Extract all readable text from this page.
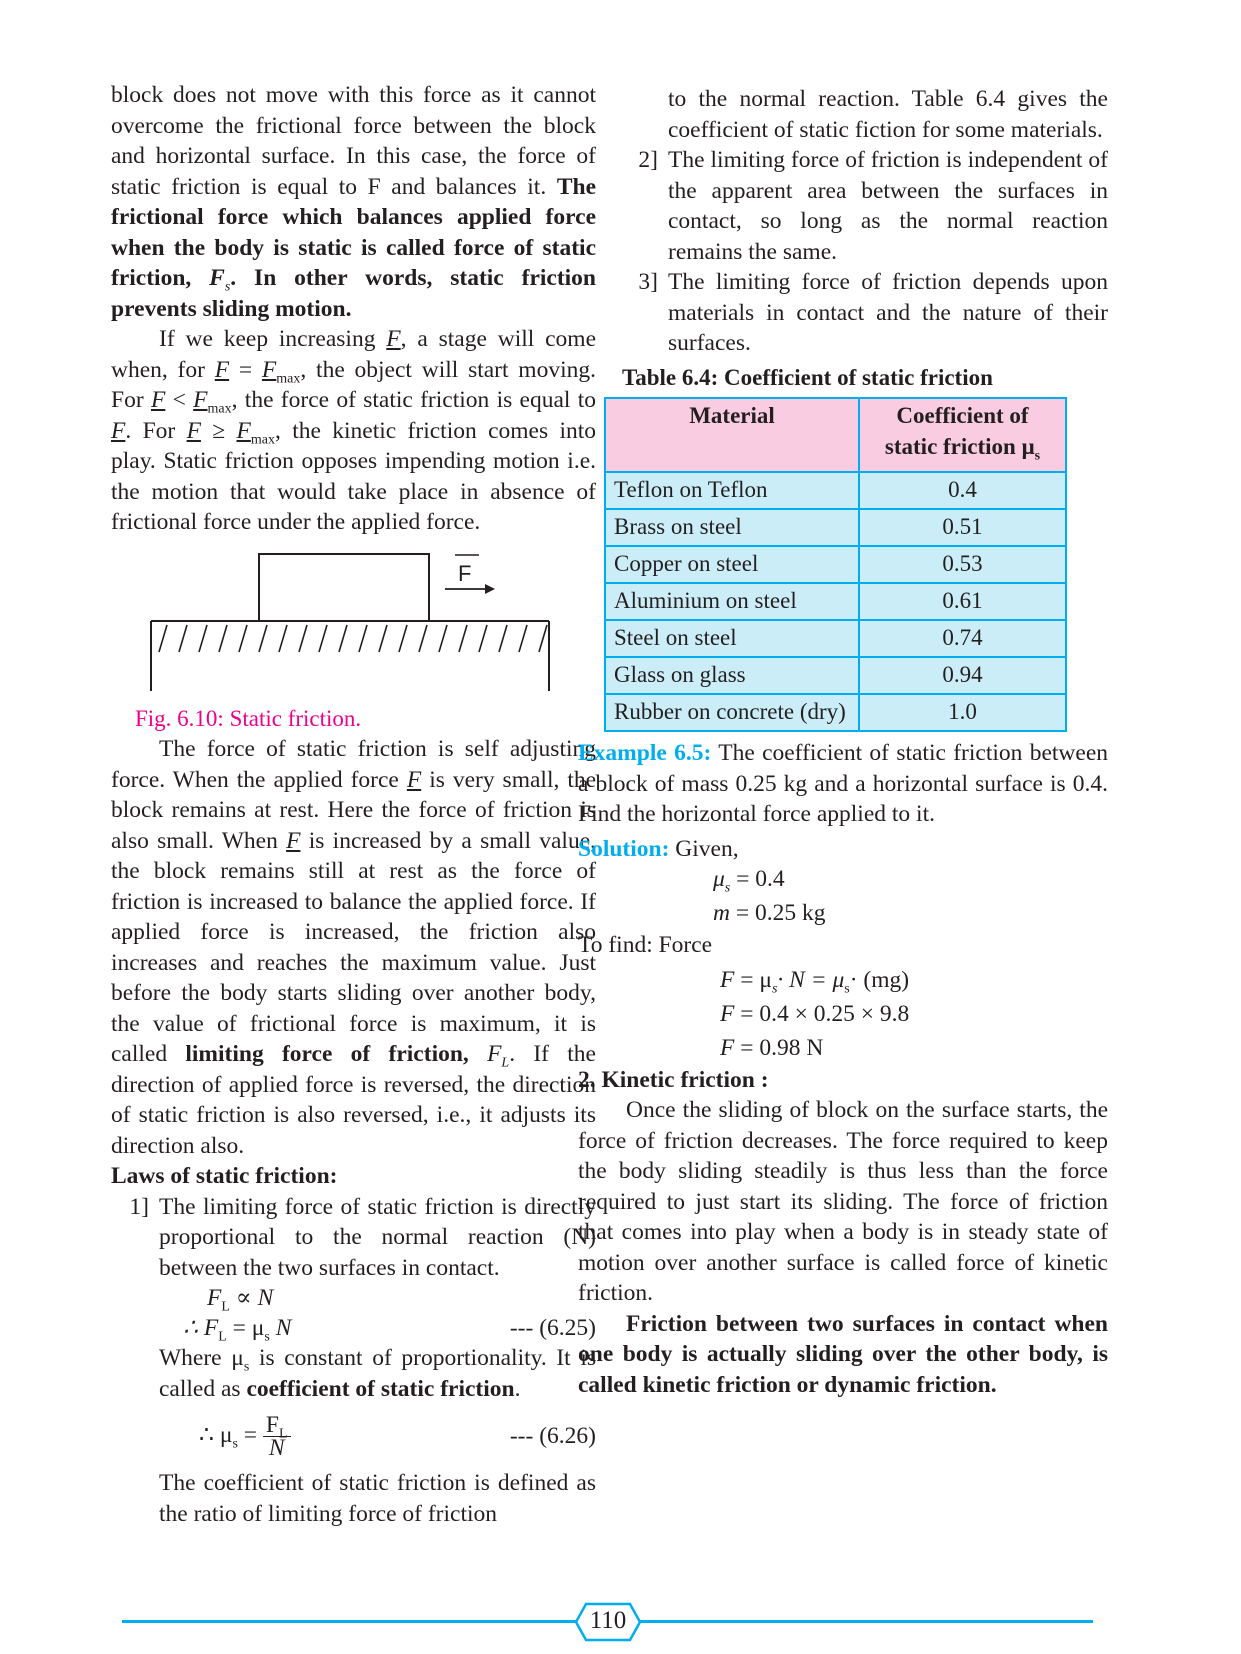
block does not move with this force as it cannot overcome the frictional force between the block and horizontal surface. In this case, the force of static friction is equal to F and balances it. The frictional force which balances applied force when the body is static is called force of static friction, $F_s$. In other words, static friction prevents sliding motion.

If we keep increasing F, a stage will come when, for $F = F_{max}$, the object will start moving. For $F < F_{max}$, the force of static friction is equal to F. For $F \ge F_{max}$, the kinetic friction comes into play. Static friction opposes impending motion i.e. the motion that would take place in absence of frictional force under the applied force.

F

Fig. 6.10: Static friction.

The force of static friction is self adjusting force. When the applied force F is very small, the block remains at rest. Here the force of friction is also small. When F is increased by a small value, the block remains still at rest as the force of friction is increased to balance the applied force. If applied force is increased, the friction also increases and reaches the maximum value. Just before the body starts sliding over another body, the value of frictional force is maximum, it is called limiting force of friction, $F_L$. If the direction of applied force is reversed, the direction of static friction is also reversed, i.e., it adjusts its direction also.

Laws of static friction:

1] The limiting force of static friction is directly proportional to the normal reaction (N) between the two surfaces in contact.
$F_L \propto N$
∴ $F_L = \mu_s$ N	--- (6.25)

Where $\mu_s$ is constant of proportionality. It is called as coefficient of static friction.

∴ $\mu_s = \frac{F_L}{N}$	--- (6.26)

The coefficient of static friction is defined as the ratio of limiting force of friction

to the normal reaction. Table 6.4 gives the coefficient of static fiction for some materials.

2] The limiting force of friction is independent of the apparent area between the surfaces in contact, so long as the normal reaction remains the same.
3] The limiting force of friction depends upon materials in contact and the nature of their surfaces.

Table 6.4: Coefficient of static friction

Material	Coefficient of static friction $\mu_s$
Teflon on Teflon	0.4
Brass on steel	0.51
Copper on steel	0.53
Aluminium on steel	0.61
Steel on steel	0.74
Glass on glass	0.94
Rubber on concrete (dry)	1.0

Example 6.5: The coefficient of static friction between a block of mass 0.25 kg and a horizontal surface is 0.4. Find the horizontal force applied to it.

Solution: Given,

$\mu_s = 0.4$
m = 0.25 kg

To find: Force

$F = \mu_s\cdot N = \mu_s\cdot (mg)$
F = 0.4 × 0.25 × 9.8
F = 0.98 N

2. Kinetic friction :

Once the sliding of block on the surface starts, the force of friction decreases. The force required to keep the body sliding steadily is thus less than the force required to just start its sliding. The force of friction that comes into play when a body is in steady state of motion over another surface is called force of kinetic friction.

Friction between two surfaces in contact when one body is actually sliding over the other body, is called kinetic friction or dynamic friction.

110
